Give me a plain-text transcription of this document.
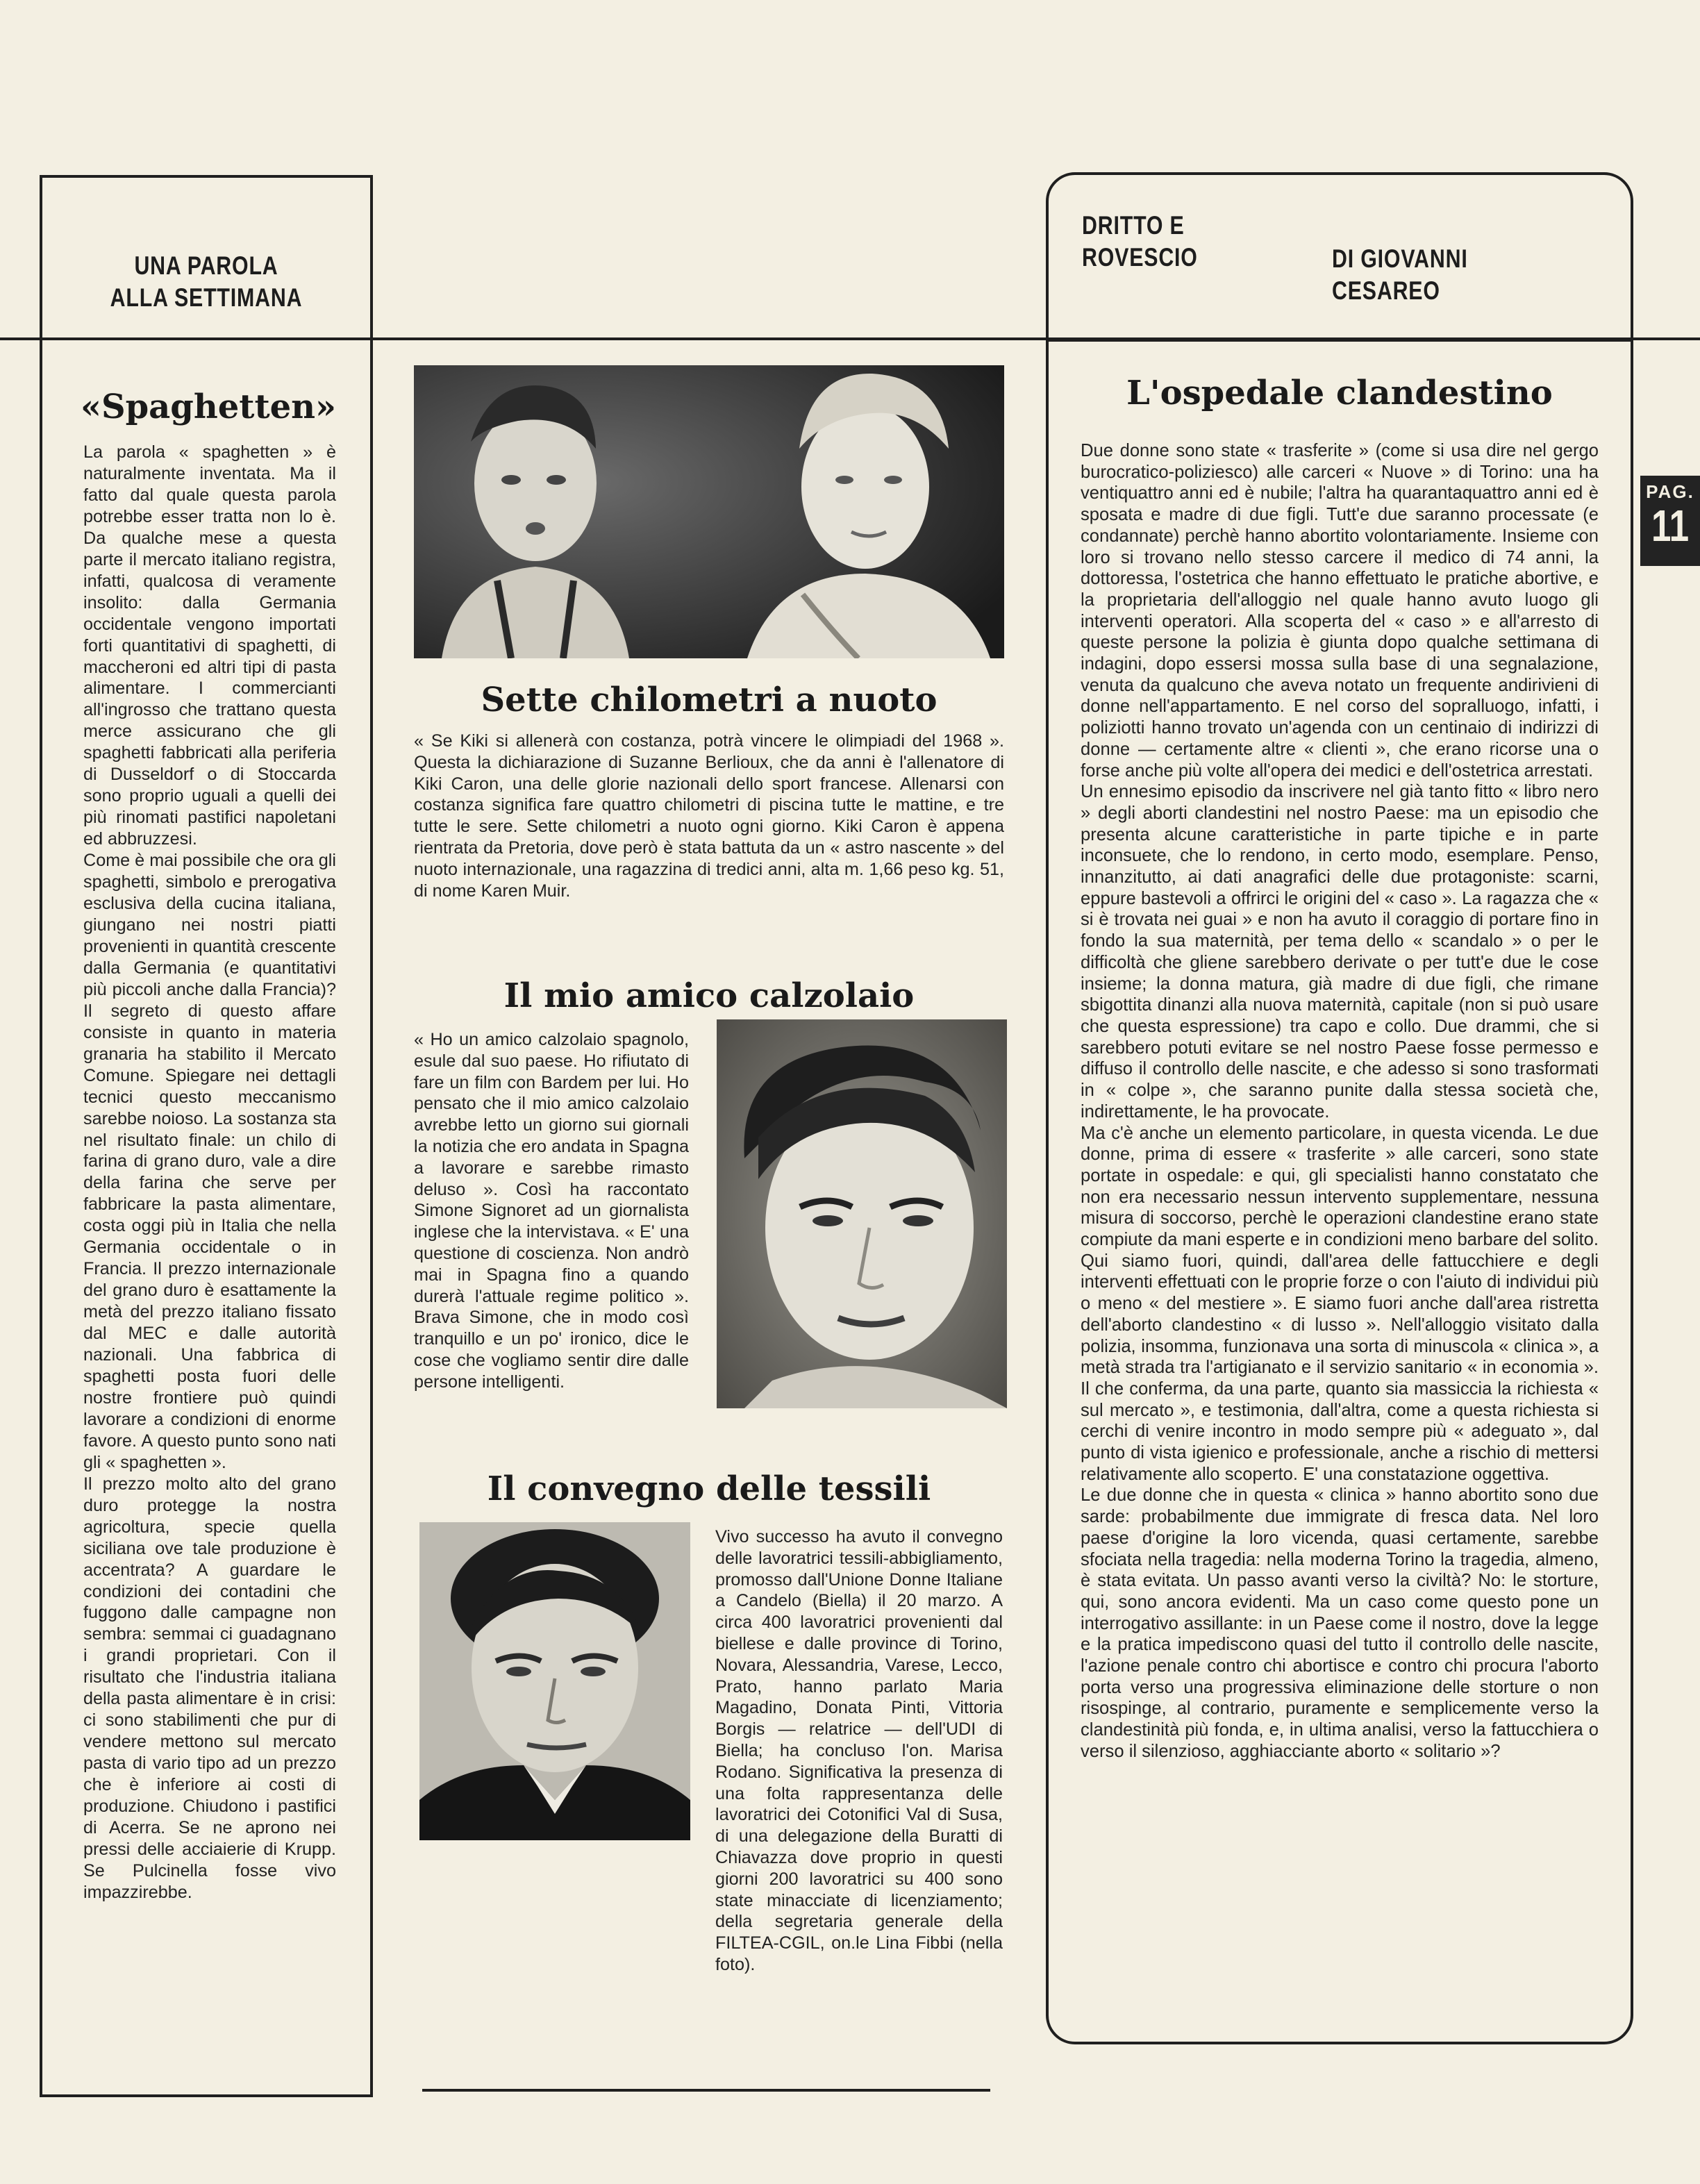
UNA PAROLA
ALLA SETTIMANA
«Spaghetten»
La parola « spaghetten » è naturalmente inventata. Ma il fatto dal quale questa parola potrebbe esser tratta non lo è. Da qualche mese a questa parte il mercato italiano registra, infatti, qualcosa di veramente insolito: dalla Germania occidentale vengono importati forti quantitativi di spaghetti, di maccheroni ed altri tipi di pasta alimentare. I commercianti all'ingrosso che trattano questa merce assicurano che gli spaghetti fabbricati alla periferia di Dusseldorf o di Stoccarda sono proprio uguali a quelli dei più rinomati pastifici napoletani ed abbruzzesi.
Come è mai possibile che ora gli spaghetti, simbolo e prerogativa esclusiva della cucina italiana, giungano nei nostri piatti provenienti in quantità crescente dalla Germania (e quantitativi più piccoli anche dalla Francia)? Il segreto di questo affare consiste in quanto in materia granaria ha stabilito il Mercato Comune. Spiegare nei dettagli tecnici questo meccanismo sarebbe noioso. La sostanza sta nel risultato finale: un chilo di farina di grano duro, vale a dire della farina che serve per fabbricare la pasta alimentare, costa oggi più in Italia che nella Germania occidentale o in Francia. Il prezzo internazionale del grano duro è esattamente la metà del prezzo italiano fissato dal MEC e dalle autorità nazionali. Una fabbrica di spaghetti posta fuori delle nostre frontiere può quindi lavorare a condizioni di enorme favore. A questo punto sono nati gli « spaghetten ».
Il prezzo molto alto del grano duro protegge la nostra agricoltura, specie quella siciliana ove tale produzione è accentrata? A guardare le condizioni dei contadini che fuggono dalle campagne non sembra: semmai ci guadagnano i grandi proprietari. Con il risultato che l'industria italiana della pasta alimentare è in crisi: ci sono stabilimenti che pur di vendere mettono sul mercato pasta di vario tipo ad un prezzo che è inferiore ai costi di produzione. Chiudono i pastifici di Acerra. Se ne aprono nei pressi delle acciaierie di Krupp. Se Pulcinella fosse vivo impazzirebbe.
Sette chilometri a nuoto
« Se Kiki si allenerà con costanza, potrà vincere le olimpiadi del 1968 ». Questa la dichiarazione di Suzanne Berlioux, che da anni è l'allenatore di Kiki Caron, una delle glorie nazionali dello sport francese. Allenarsi con costanza significa fare quattro chilometri di piscina tutte le mattine, e tre tutte le sere. Sette chilometri a nuoto ogni giorno. Kiki Caron è appena rientrata da Pretoria, dove però è stata battuta da un « astro nascente » del nuoto internazionale, una ragazzina di tredici anni, alta m. 1,66 peso kg. 51, di nome Karen Muir.
Il mio amico calzolaio
« Ho un amico calzolaio spagnolo, esule dal suo paese. Ho rifiutato di fare un film con Bardem per lui. Ho pensato che il mio amico calzolaio avrebbe letto un giorno sui giornali la notizia che ero andata in Spagna a lavorare e sarebbe rimasto deluso ». Così ha raccontato Simone Signoret ad un giornalista inglese che la intervistava. « E' una questione di coscienza. Non andrò mai in Spagna fino a quando durerà l'attuale regime politico ». Brava Simone, che in modo così tranquillo e un po' ironico, dice le cose che vogliamo sentir dire dalle persone intelligenti.
Il convegno delle tessili
Vivo successo ha avuto il convegno delle lavoratrici tessili-abbigliamento, promosso dall'Unione Donne Italiane a Candelo (Biella) il 20 marzo. A circa 400 lavoratrici provenienti dal biellese e dalle province di Torino, Novara, Alessandria, Varese, Lecco, Prato, hanno parlato Maria Magadino, Donata Pinti, Vittoria Borgis — relatrice — dell'UDI di Biella; ha concluso l'on. Marisa Rodano. Significativa la presenza di una folta rappresentanza delle lavoratrici dei Cotonifici Val di Susa, di una delegazione della Buratti di Chiavazza dove proprio in questi giorni 200 lavoratrici su 400 sono state minacciate di licenziamento; della segretaria generale della FILTEA-CGIL, on.le Lina Fibbi (nella foto).
DRITTO E
ROVESCIO	DI GIOVANNI CESAREO
L'ospedale clandestino
Due donne sono state « trasferite » (come si usa dire nel gergo burocratico-poliziesco) alle carceri « Nuove » di Torino: una ha ventiquattro anni ed è nubile; l'altra ha quarantaquattro anni ed è sposata e madre di due figli. Tutt'e due saranno processate (e condannate) perchè hanno abortito volontariamente. Insieme con loro si trovano nello stesso carcere il medico di 74 anni, la dottoressa, l'ostetrica che hanno effettuato le pratiche abortive, e la proprietaria dell'alloggio nel quale hanno avuto luogo gli interventi operatori. Alla scoperta del « caso » e all'arresto di queste persone la polizia è giunta dopo qualche settimana di indagini, dopo essersi mossa sulla base di una segnalazione, venuta da qualcuno che aveva notato un frequente andirivieni di donne nell'appartamento. E nel corso del sopralluogo, infatti, i poliziotti hanno trovato un'agenda con un centinaio di indirizzi di donne — certamente altre « clienti », che erano ricorse una o forse anche più volte all'opera dei medici e dell'ostetrica arrestati.
Un ennesimo episodio da inscrivere nel già tanto fitto « libro nero » degli aborti clandestini nel nostro Paese: ma un episodio che presenta alcune caratteristiche in parte tipiche e in parte inconsuete, che lo rendono, in certo modo, esemplare. Penso, innanzitutto, ai dati anagrafici delle due protagoniste: scarni, eppure bastevoli a offrirci le origini del « caso ». La ragazza che « si è trovata nei guai » e non ha avuto il coraggio di portare fino in fondo la sua maternità, per tema dello « scandalo » o per le difficoltà che gliene sarebbero derivate o per tutt'e due le cose insieme; la donna matura, già madre di due figli, che rimane sbigottita dinanzi alla nuova maternità, capitale (non si può usare che questa espressione) tra capo e collo. Due drammi, che si sarebbero potuti evitare se nel nostro Paese fosse permesso e diffuso il controllo delle nascite, e che adesso si sono trasformati in « colpe », che saranno punite dalla stessa società che, indirettamente, le ha provocate.
Ma c'è anche un elemento particolare, in questa vicenda. Le due donne, prima di essere « trasferite » alle carceri, sono state portate in ospedale: e qui, gli specialisti hanno constatato che non era necessario nessun intervento supplementare, nessuna misura di soccorso, perchè le operazioni clandestine erano state compiute da mani esperte e in condizioni meno barbare del solito. Qui siamo fuori, quindi, dall'area delle fattucchiere e degli interventi effettuati con le proprie forze o con l'aiuto di individui più o meno « del mestiere ». E siamo fuori anche dall'area ristretta dell'aborto clandestino « di lusso ». Nell'alloggio visitato dalla polizia, insomma, funzionava una sorta di minuscola « clinica », a metà strada tra l'artigianato e il servizio sanitario « in economia ». Il che conferma, da una parte, quanto sia massiccia la richiesta « sul mercato », e testimonia, dall'altra, come a questa richiesta si cerchi di venire incontro in modo sempre più « adeguato », dal punto di vista igienico e professionale, anche a rischio di mettersi relativamente allo scoperto. E' una constatazione oggettiva.
Le due donne che in questa « clinica » hanno abortito sono due sarde: probabilmente due immigrate di fresca data. Nel loro paese d'origine la loro vicenda, quasi certamente, sarebbe sfociata nella tragedia: nella moderna Torino la tragedia, almeno, è stata evitata. Un passo avanti verso la civiltà? No: le storture, qui, sono ancora evidenti. Ma un caso come questo pone un interrogativo assillante: in un Paese come il nostro, dove la legge e la pratica impediscono quasi del tutto il controllo delle nascite, l'azione penale contro chi abortisce e contro chi procura l'aborto porta verso una progressiva eliminazione delle storture o non risospinge, al contrario, puramente e semplicemente verso la clandestinità più fonda, e, in ultima analisi, verso la fattucchiera o verso il silenzioso, agghiacciante aborto « solitario »?
PAG.
11
